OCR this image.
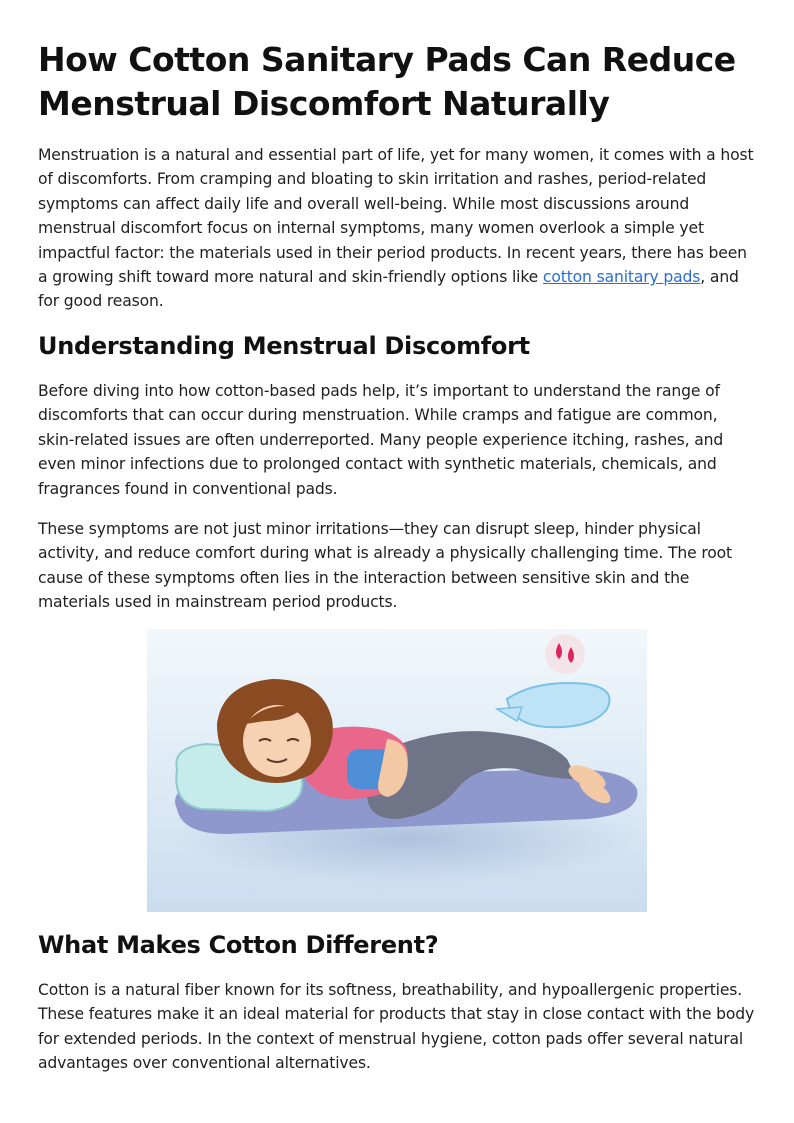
How Cotton Sanitary Pads Can Reduce Menstrual Discomfort Naturally

Menstruation is a natural and essential part of life, yet for many women, it comes with a host of discomforts. From cramping and bloating to skin irritation and rashes, period-related symptoms can affect daily life and overall well-being. While most discussions around menstrual discomfort focus on internal symptoms, many women overlook a simple yet impactful factor: the materials used in their period products. In recent years, there has been a growing shift toward more natural and skin-friendly options like cotton sanitary pads, and for good reason.

Understanding Menstrual Discomfort

Before diving into how cotton-based pads help, it’s important to understand the range of discomforts that can occur during menstruation. While cramps and fatigue are common, skin-related issues are often underreported. Many people experience itching, rashes, and even minor infections due to prolonged contact with synthetic materials, chemicals, and fragrances found in conventional pads.

These symptoms are not just minor irritations—they can disrupt sleep, hinder physical activity, and reduce comfort during what is already a physically challenging time. The root cause of these symptoms often lies in the interaction between sensitive skin and the materials used in mainstream period products.

What Makes Cotton Different?

Cotton is a natural fiber known for its softness, breathability, and hypoallergenic properties. These features make it an ideal material for products that stay in close contact with the body for extended periods. In the context of menstrual hygiene, cotton pads offer several natural advantages over conventional alternatives.
